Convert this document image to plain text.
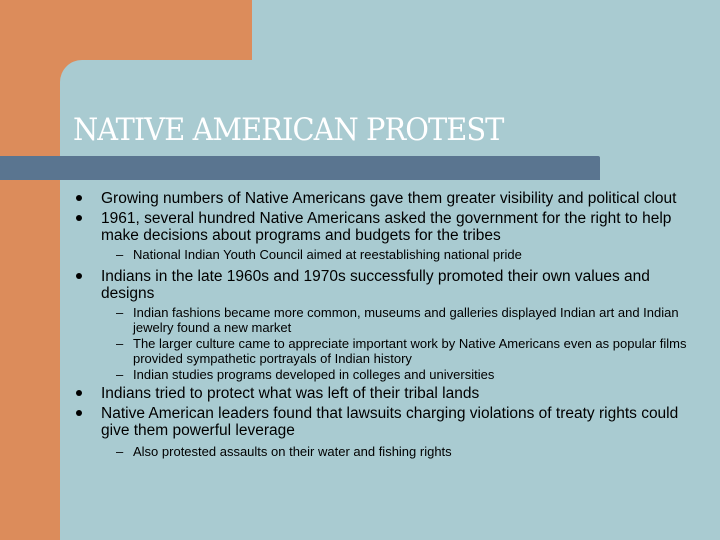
NATIVE AMERICAN PROTEST
Growing numbers of Native Americans gave them greater visibility and political clout
1961, several hundred Native Americans asked the government for the right to help make decisions about programs and budgets for the tribes
– National Indian Youth Council aimed at reestablishing national pride
Indians in the late 1960s and 1970s successfully promoted their own values and designs
– Indian fashions became more common, museums and galleries displayed Indian art and Indian jewelry found a new market
– The larger culture came to appreciate important work by Native Americans even as popular films provided sympathetic portrayals of Indian history
– Indian studies programs developed in colleges and universities
Indians tried to protect what was left of their tribal lands
Native American leaders found that lawsuits charging violations of treaty rights could give them powerful leverage
– Also protested assaults on their water and fishing rights
